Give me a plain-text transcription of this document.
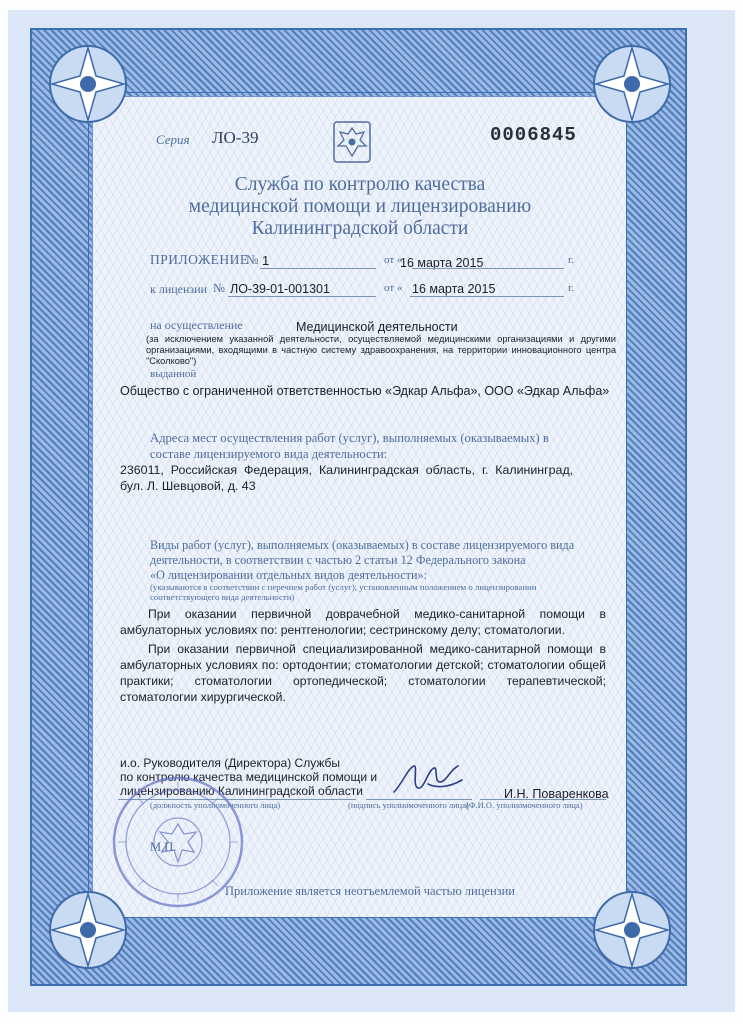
Серия ЛО-39	0006845
Служба по контролю качества
медицинской помощи и лицензированию
Калининградской области
ПРИЛОЖЕНИЕ
№ 1	от «
16 марта 2015	г.
к лицензии № ЛО-39-01-001301	от « 16 марта 2015	г.
на осуществление	Медицинской деятельности
(за исключением указанной деятельности, осуществляемой медицинскими организациями и другими организациями, входящими в частную систему здравоохранения, на территории инновационного центра "Сколково")
выданной
Общество с ограниченной ответственностью «Эдкар Альфа», ООО «Эдкар Альфа»
Адреса мест осуществления работ (услуг), выполняемых (оказываемых) в
составе лицензируемого вида деятельности:
236011,  Российская  Федерация,  Калининградская  область,  г.  Калининград,
бул. Л. Шевцовой, д. 43
Виды работ (услуг), выполняемых (оказываемых) в составе лицензируемого вида
деятельности, в соответствии с частью 2 статьи 12 Федерального закона
«О лицензировании отдельных видов деятельности»:
(указываются в соответствии с перечнем работ (услуг), установленным положением о лицензировании
соответствующего вида деятельности)
При оказании первичной доврачебной медико-санитарной помощи в амбулаторных условиях по: рентгенологии; сестринскому делу; стоматологии.
При оказании первичной специализированной медико-санитарной помощи в амбулаторных условиях по: ортодонтии; стоматологии детской; стоматологии общей практики; стоматологии ортопедической; стоматологии терапевтической; стоматологии хирургической.
и.о. Руководителя (Директора) Службы
по контролю качества медицинской помощи и
лицензированию Калининградской области	И.Н. Поваренкова
(должность уполномоченного лица)	(подпись уполномоченного лица)
(Ф.И.О. уполномоченного лица)
М.П.
Приложение является неотъемлемой частью лицензии
